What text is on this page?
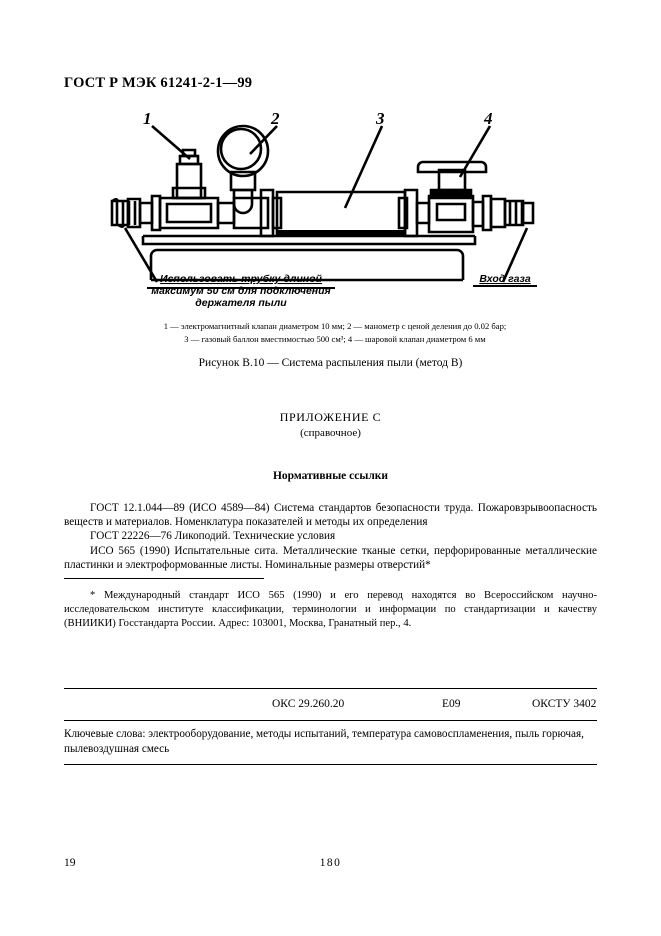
ГОСТ Р МЭК 61241-2-1—99
1	2	3	4
Использовать трубку длиной
максимум 50 см для подключения
держателя пыли
Вход газа
1 — электромагнитный клапан диаметром 10 мм; 2 — манометр с ценой деления до 0.02 бар;
3 — газовый баллон вместимостью 500 см³; 4 — шаровой клапан диаметром 6 мм
Рисунок В.10 — Система распыления пыли (метод В)
ПРИЛОЖЕНИЕ С
(справочное)
Нормативные ссылки

ГОСТ 12.1.044—89 (ИСО 4589—84) Система стандартов безопасности труда. Пожаровзрывоопасность веществ и материалов. Номенклатура показателей и методы их определения

ГОСТ 22226—76 Ликоподий. Технические условия

ИСО 565 (1990) Испытательные сита. Металлические тканые сетки, перфорированные металлические пластинки и электроформованные листы. Номинальные размеры отверстий*

* Международный стандарт ИСО 565 (1990) и его перевод находятся во Всероссийском научно-исследовательском институте классификации, терминологии и информации по стандартизации и качеству (ВНИИКИ) Госстандарта России. Адрес: 103001, Москва, Гранатный пер., 4.

ОКС 29.260.20	Е09	ОКСТУ 3402
Ключевые слова: электрооборудование, методы испытаний, температура самовоспламенения, пыль горючая, пылевоздушная смесь
19	180
